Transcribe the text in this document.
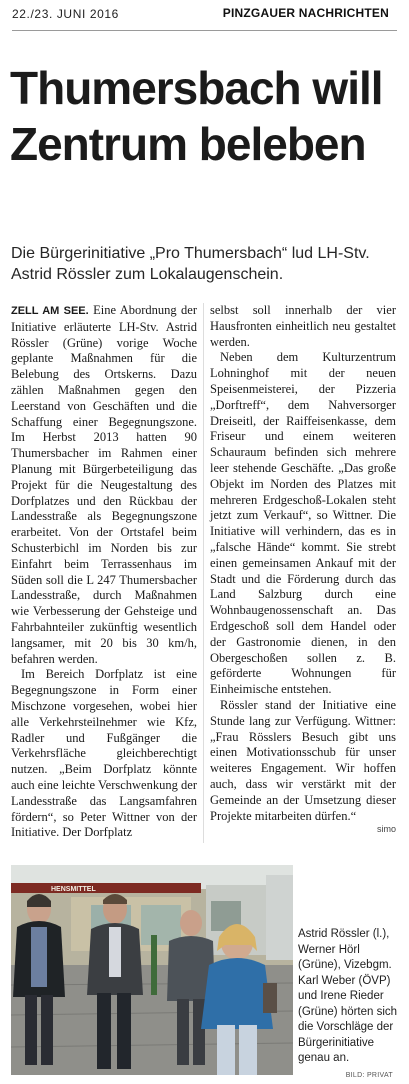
22./23. JUNI 2016	PINZGAUER NACHRICHTEN
Thumersbach will Zentrum beleben

Die Bürgerinitiative „Pro Thumersbach“ lud LH-Stv. Astrid Rössler zum Lokalaugenschein.

ZELL AM SEE. Eine Abordnung der Initiative erläuterte LH-Stv. Astrid Rössler (Grüne) vorige Woche geplante Maßnahmen für die Belebung des Ortskerns. Dazu zählen Maßnahmen gegen den Leerstand von Geschäften und die Schaffung einer Begegnungszone. Im Herbst 2013 hatten 90 Thumersbacher im Rahmen einer Planung mit Bürgerbeteiligung das Projekt für die Neugestaltung des Dorfplatzes und den Rückbau der Landesstraße als Begegnungszone erarbeitet. Von der Ortstafel beim Schusterbichl im Norden bis zur Einfahrt beim Terrassenhaus im Süden soll die L 247 Thumersbacher Landesstraße, durch Maßnahmen wie Verbesserung der Gehsteige und Fahrbahnteiler zukünftig wesentlich langsamer, mit 20 bis 30 km/h, befahren werden.

Im Bereich Dorfplatz ist eine Begegnungszone in Form einer Mischzone vorgesehen, wobei hier alle Verkehrsteilnehmer wie Kfz, Radler und Fußgänger die Verkehrsfläche gleichberechtigt nutzen. „Beim Dorfplatz könnte auch eine leichte Verschwenkung der Landesstraße das Langsamfahren fördern“, so Peter Wittner von der Initiative. Der Dorfplatz

selbst soll innerhalb der vier Hausfronten einheitlich neu gestaltet werden.

Neben dem Kulturzentrum Lohninghof mit der neuen Speisenmeisterei, der Pizzeria „Dorftreff“, dem Nahversorger Dreiseitl, der Raiffeisenkasse, dem Friseur und einem weiteren Schauraum befinden sich mehrere leer stehende Geschäfte. „Das große Objekt im Norden des Platzes mit mehreren Erdgeschoß-Lokalen steht jetzt zum Verkauf“, so Wittner. Die Initiative will verhindern, das es in „falsche Hände“ kommt. Sie strebt einen gemeinsamen Ankauf mit der Stadt und die Förderung durch das Land Salzburg durch eine Wohnbaugenossenschaft an. Das Erdgeschoß soll dem Handel oder der Gastronomie dienen, in den Obergeschoßen sollen z. B. geförderte Wohnungen für Einheimische entstehen.

Rössler stand der Initiative eine Stunde lang zur Verfügung. Wittner: „Frau Rösslers Besuch gibt uns einen Motivationsschub für unser weiteres Engagement. Wir hoffen auch, dass wir verstärkt mit der Gemeinde an der Umsetzung dieser Projekte mitarbeiten dürfen.“

simo
HENSMITTEL

Astrid Rössler (l.), Werner Hörl (Grüne), Vizebgm. Karl Weber (ÖVP) und Irene Rieder (Grüne) hörten sich die Vorschläge der Bürgerinitiative genau an.

BILD: PRIVAT
